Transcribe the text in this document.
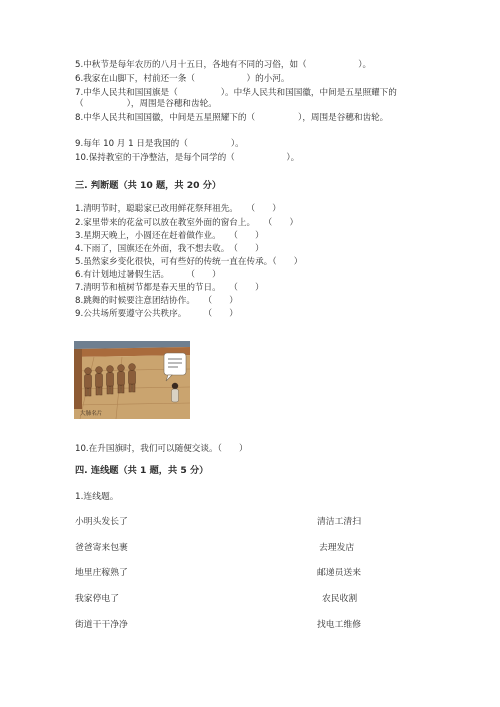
5.中秋节是每年农历的八月十五日，各地有不同的习俗，如（　　　　　　）。
6.我家在山脚下，村前还一条（　　　　　　）的小河。
7.中华人民共和国国旗是（　　　　　）。中华人民共和国国徽，中间是五星照耀下的（　　　　　），周围是谷穗和齿轮。
8.中华人民共和国国徽，中间是五星照耀下的（　　　　　），周围是谷穗和齿轮。
9.每年 10 月 1 日是我国的（　　　　　）。
10.保持教室的干净整洁，是每个同学的（　　　　　　）。
三. 判断题（共 10 题，共 20 分）
1.清明节时，聪聪家已改用鲜花祭拜祖先。　　（　　）
2.家里带来的花盆可以放在教室外面的窗台上。　　（　　）
3.星期天晚上，小圆还在赶着做作业。　　（　　）
4.下雨了，国旗还在外面，我不想去收。　（　　）
5.虽然家乡变化很快，可有些好的传统一直在传承。（　　）
6.有计划地过暑假生活。　　　（　　）
7.清明节和植树节都是春天里的节日。　　（　　）
8.跳舞的时候要注意团结协作。　　（　　）
9.公共场所要遵守公共秩序。　　　（　　）
大肺名片
10.在升国旗时，我们可以随便交谈。（　　）
四. 连线题（共 1 题，共 5 分）
1.连线题。
小明头发长了
爸爸寄来包裹
地里庄稼熟了
我家停电了
街道干干净净
清洁工清扫
去理发店
邮递员送来
农民收割
找电工维修
